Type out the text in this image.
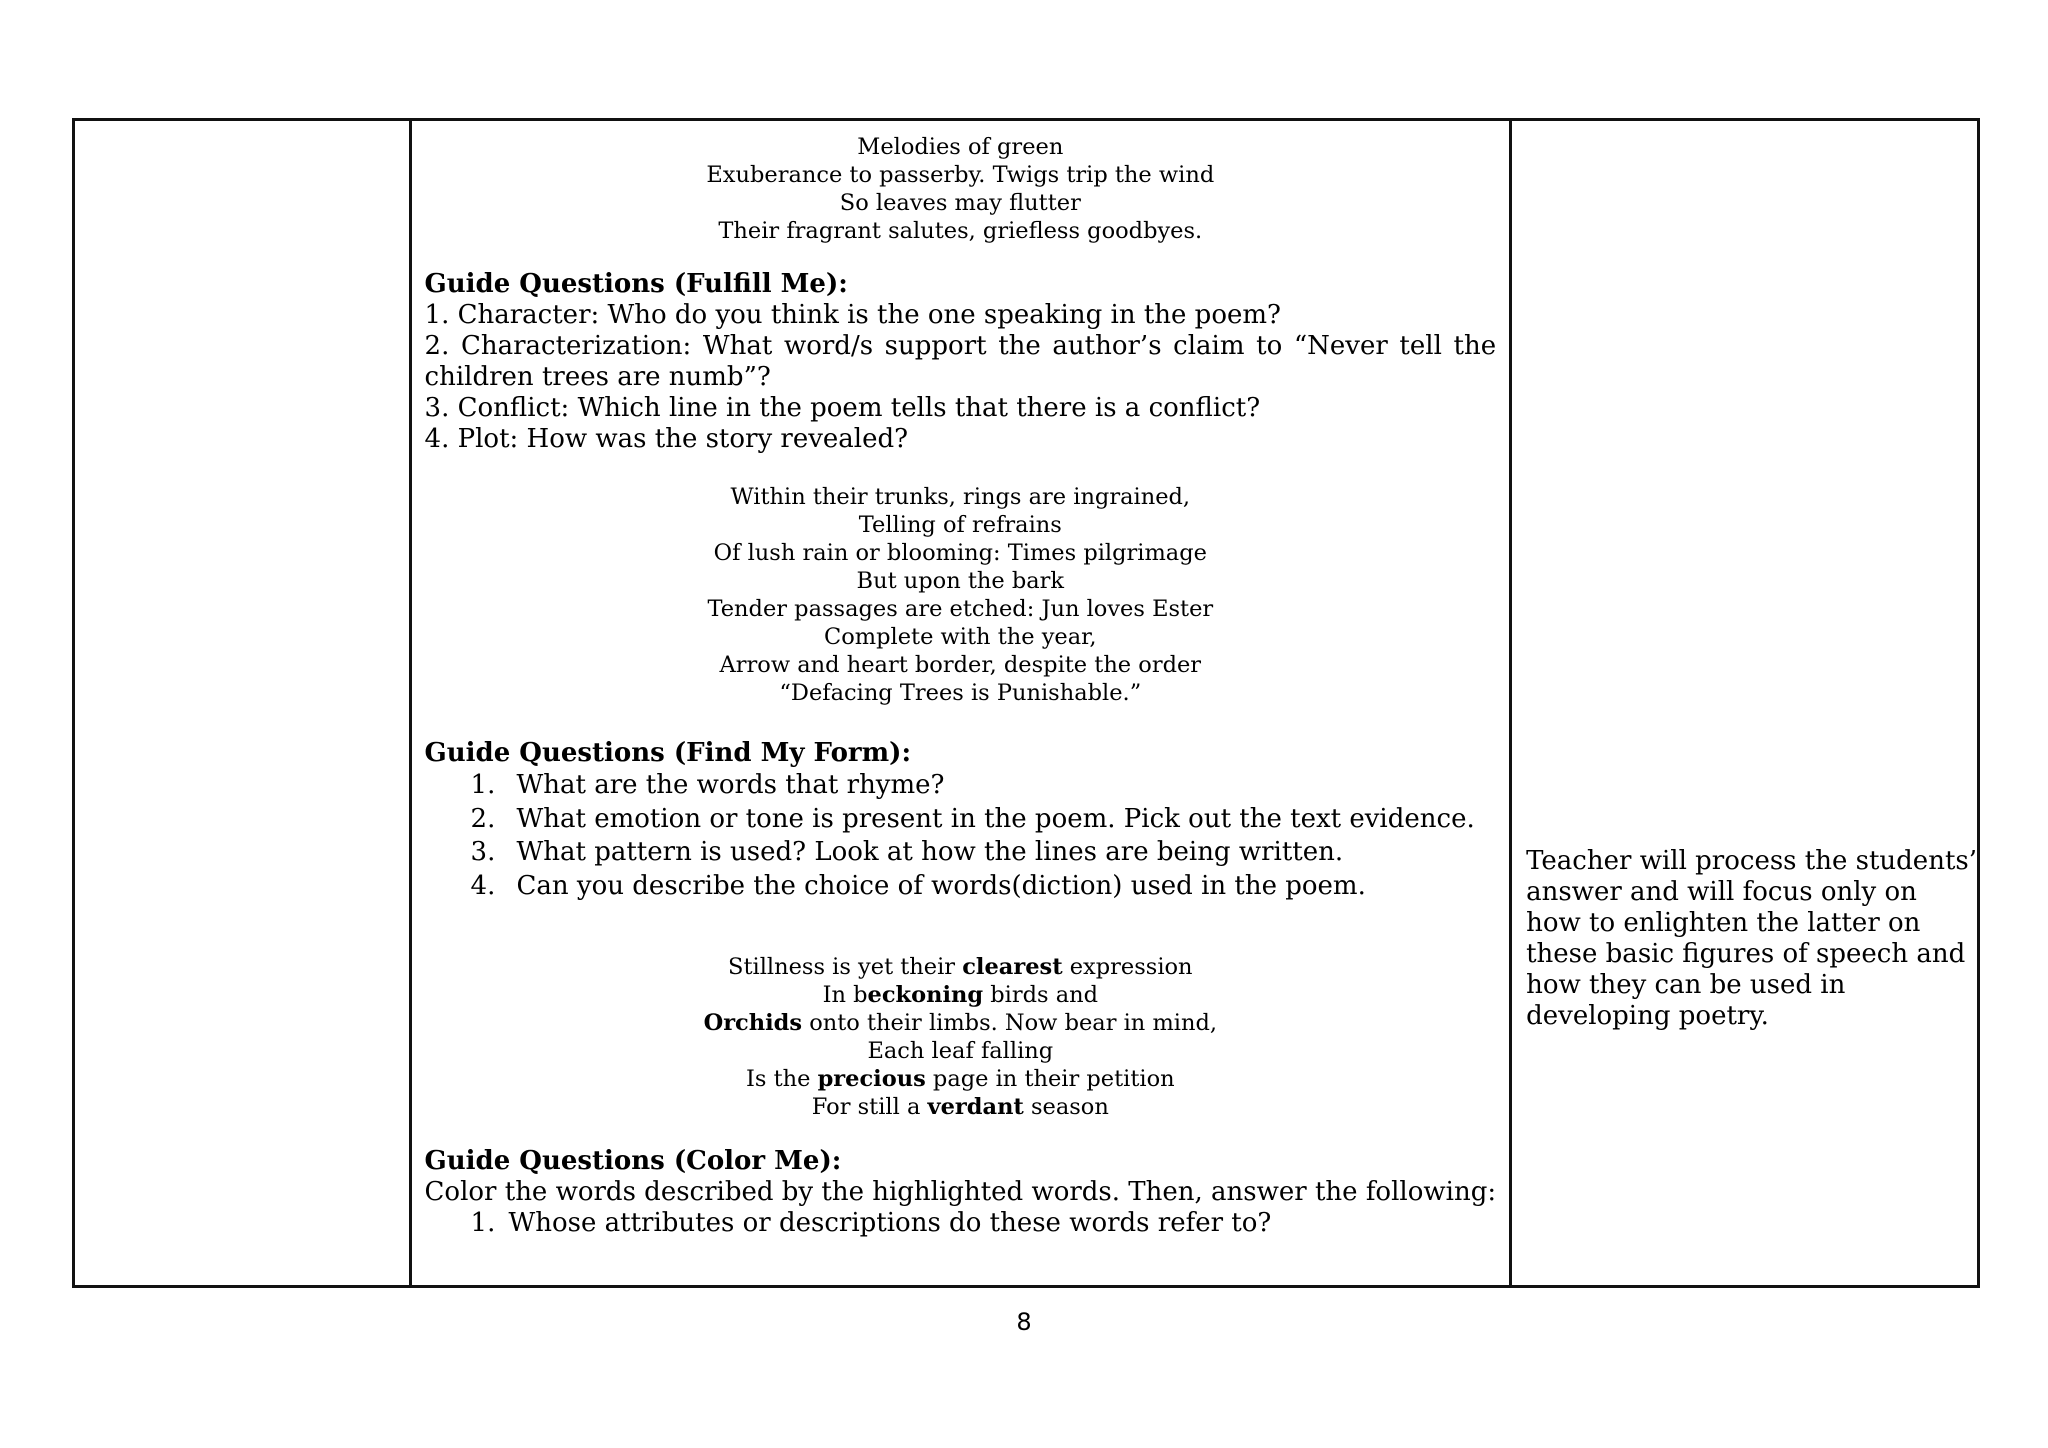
Melodies of green

Exuberance to passerby. Twigs trip the wind

So leaves may flutter

Their fragrant salutes, griefless goodbyes.

Guide Questions (Fulfill Me):

1. Character: Who do you think is the one speaking in the poem?

2. Characterization: What word/s support the author’s claim to “Never tell the

children trees are numb”?

3. Conflict: Which line in the poem tells that there is a conflict?

4. Plot: How was the story revealed?

Within their trunks, rings are ingrained,

Telling of refrains

Of lush rain or blooming: Times pilgrimage

But upon the bark

Tender passages are etched: Jun loves Ester

Complete with the year,

Arrow and heart border, despite the order

“Defacing Trees is Punishable.”

Guide Questions (Find My Form):

1. What are the words that rhyme?
2. What emotion or tone is present in the poem. Pick out the text evidence.
3. What pattern is used? Look at how the lines are being written.
4. Can you describe the choice of words(diction) used in the poem.

Stillness is yet their clearest expression

In beckoning birds and

Orchids onto their limbs. Now bear in mind,

Each leaf falling

Is the precious page in their petition

For still a verdant season

Guide Questions (Color Me):

Color the words described by the highlighted words. Then, answer the following:

1. Whose attributes or descriptions do these words refer to?

Teacher will process the students’

answer and will focus only on

how to enlighten the latter on

these basic figures of speech and

how they can be used in

developing poetry.

8
